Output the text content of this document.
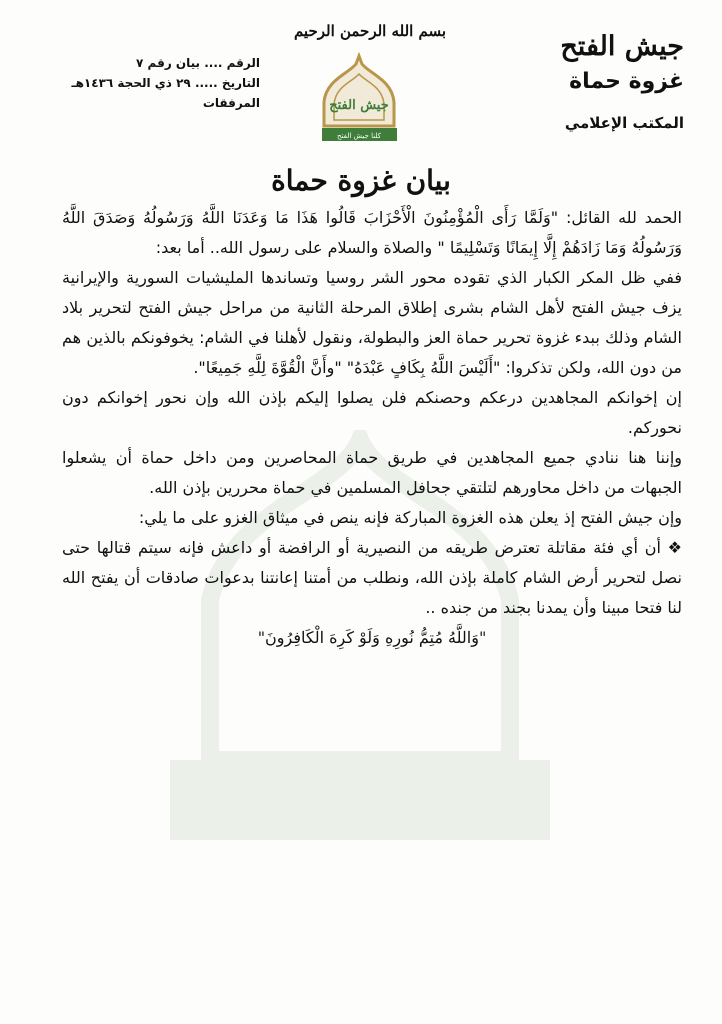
جيش الفتح
غزوة حماة
المكتب الإعلامي
بسم الله الرحمن الرحيم
جيش الفتح
كلنا جيش الفتح
الرقم .... بيان رقم ٧
التاريخ ..... ٢٩ ذي الحجة ١٤٣٦هـ
المرفقات
بيان غزوة حماة

الحمد لله القائل: "وَلَمَّا رَأَى الْمُؤْمِنُونَ الْأَحْزَابَ قَالُوا هَذَا مَا وَعَدَنَا اللَّهُ وَرَسُولُهُ وَصَدَقَ اللَّهُ وَرَسُولُهُ وَمَا زَادَهُمْ إِلَّا إِيمَانًا وَتَسْلِيمًا " والصلاة والسلام على رسول الله.. أما بعد:

ففي ظل المكر الكبار الذي تقوده محور الشر روسيا وتساندها المليشيات السورية والإيرانية يزف جيش الفتح لأهل الشام بشرى إطلاق المرحلة الثانية من مراحل جيش الفتح لتحرير بلاد الشام وذلك ببدء غزوة تحرير حماة العز والبطولة، ونقول لأهلنا في الشام: يخوفونكم بالذين هم من دون الله، ولكن تذكروا: "أَلَيْسَ اللَّهُ بِكَافٍ عَبْدَهُ" "وأَنَّ الْقُوَّةَ لِلَّهِ جَمِيعًا".

إن إخوانكم المجاهدين درعكم وحصنكم فلن يصلوا إليكم بإذن الله وإن نحور إخوانكم دون نحوركم.

وإننا هنا ننادي جميع المجاهدين في طريق حماة المحاصرين ومن داخل حماة أن يشعلوا الجبهات من داخل محاورهم لتلتقي جحافل المسلمين في حماة محررين بإذن الله.

وإن جيش الفتح إذ يعلن هذه الغزوة المباركة فإنه ينص في ميثاق الغزو على ما يلي:

❖ أن أي فئة مقاتلة تعترض طريقه من النصيرية أو الرافضة أو داعش فإنه سيتم قتالها حتى نصل لتحرير أرض الشام كاملة بإذن الله، ونطلب من أمتنا إعانتنا بدعوات صادقات أن يفتح الله لنا فتحا مبينا وأن يمدنا بجند من جنده ..

"وَاللَّهُ مُتِمُّ نُورِهِ وَلَوْ كَرِهَ الْكَافِرُونَ"
